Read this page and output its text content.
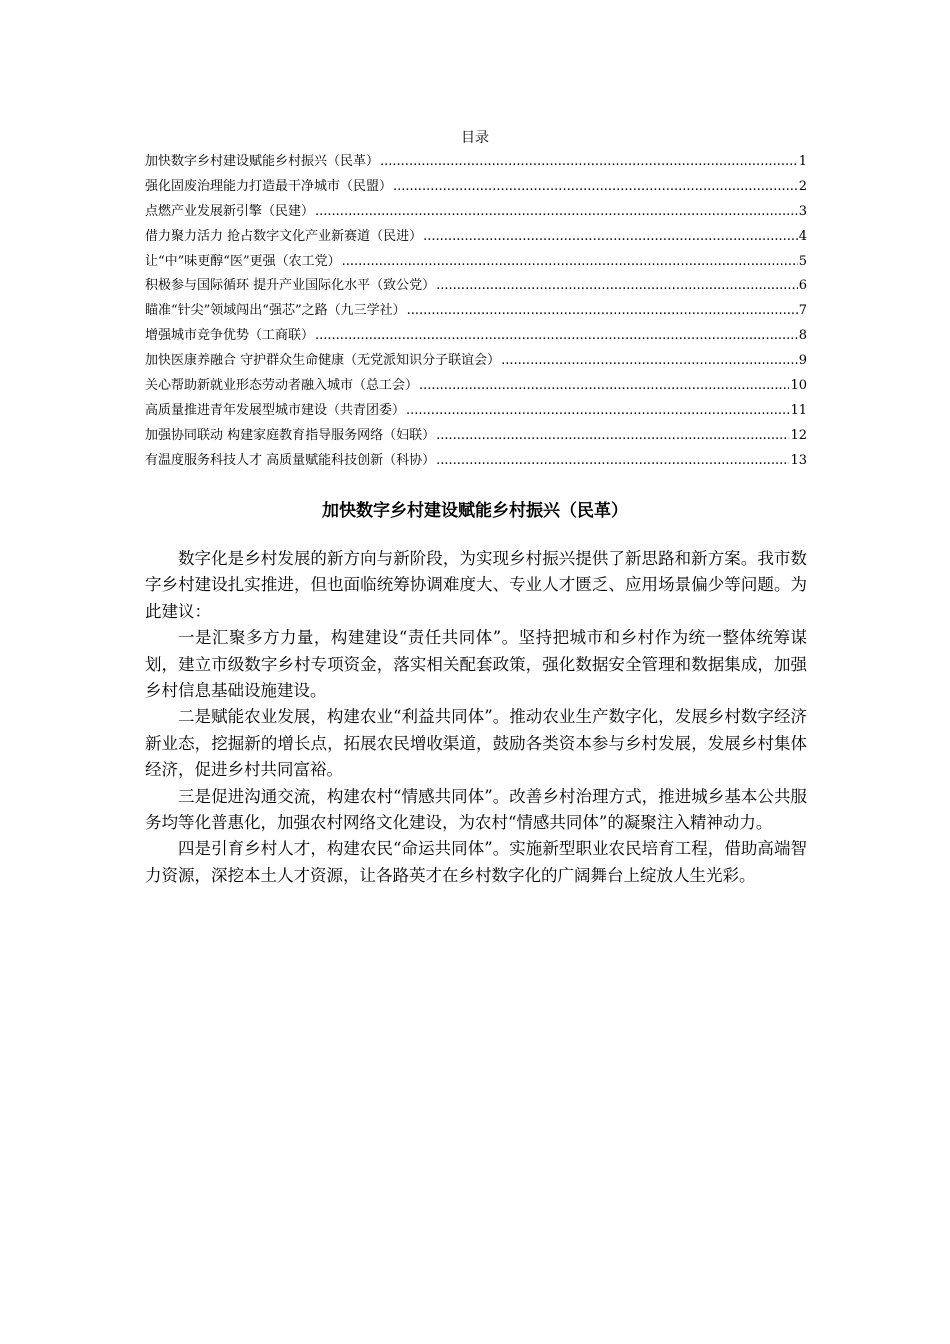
目录
加快数字乡村建设赋能乡村振兴（民革） .....	1
强化固废治理能力打造最干净城市（民盟） .....	2
点燃产业发展新引擎（民建） .....	3
借力聚力活力 抢占数字文化产业新赛道（民进） .....	4
让“中”味更醇“医”更强（农工党） .....	5
积极参与国际循环 提升产业国际化水平（致公党） .....	6
瞄准“针尖”领域闯出“强芯”之路（九三学社） .....	7
增强城市竞争优势（工商联） .....	8
加快医康养融合 守护群众生命健康（无党派知识分子联谊会） .....	9
关心帮助新就业形态劳动者融入城市（总工会） .....	10
高质量推进青年发展型城市建设（共青团委） .....	11
加强协同联动 构建家庭教育指导服务网络（妇联） .....	12
有温度服务科技人才 高质量赋能科技创新（科协） .....	13
加快数字乡村建设赋能乡村振兴（民革）

数字化是乡村发展的新方向与新阶段，为实现乡村振兴提供了新思路和新方案。我市数字乡村建设扎实推进，但也面临统筹协调难度大、专业人才匮乏、应用场景偏少等问题。为此建议：

一是汇聚多方力量，构建建设“责任共同体”。坚持把城市和乡村作为统一整体统筹谋划，建立市级数字乡村专项资金，落实相关配套政策，强化数据安全管理和数据集成，加强乡村信息基础设施建设。

二是赋能农业发展，构建农业“利益共同体”。推动农业生产数字化，发展乡村数字经济新业态，挖掘新的增长点，拓展农民增收渠道，鼓励各类资本参与乡村发展，发展乡村集体经济，促进乡村共同富裕。

三是促进沟通交流，构建农村“情感共同体”。改善乡村治理方式，推进城乡基本公共服务均等化普惠化，加强农村网络文化建设，为农村“情感共同体”的凝聚注入精神动力。

四是引育乡村人才，构建农民“命运共同体”。实施新型职业农民培育工程，借助高端智力资源，深挖本土人才资源，让各路英才在乡村数字化的广阔舞台上绽放人生光彩。
